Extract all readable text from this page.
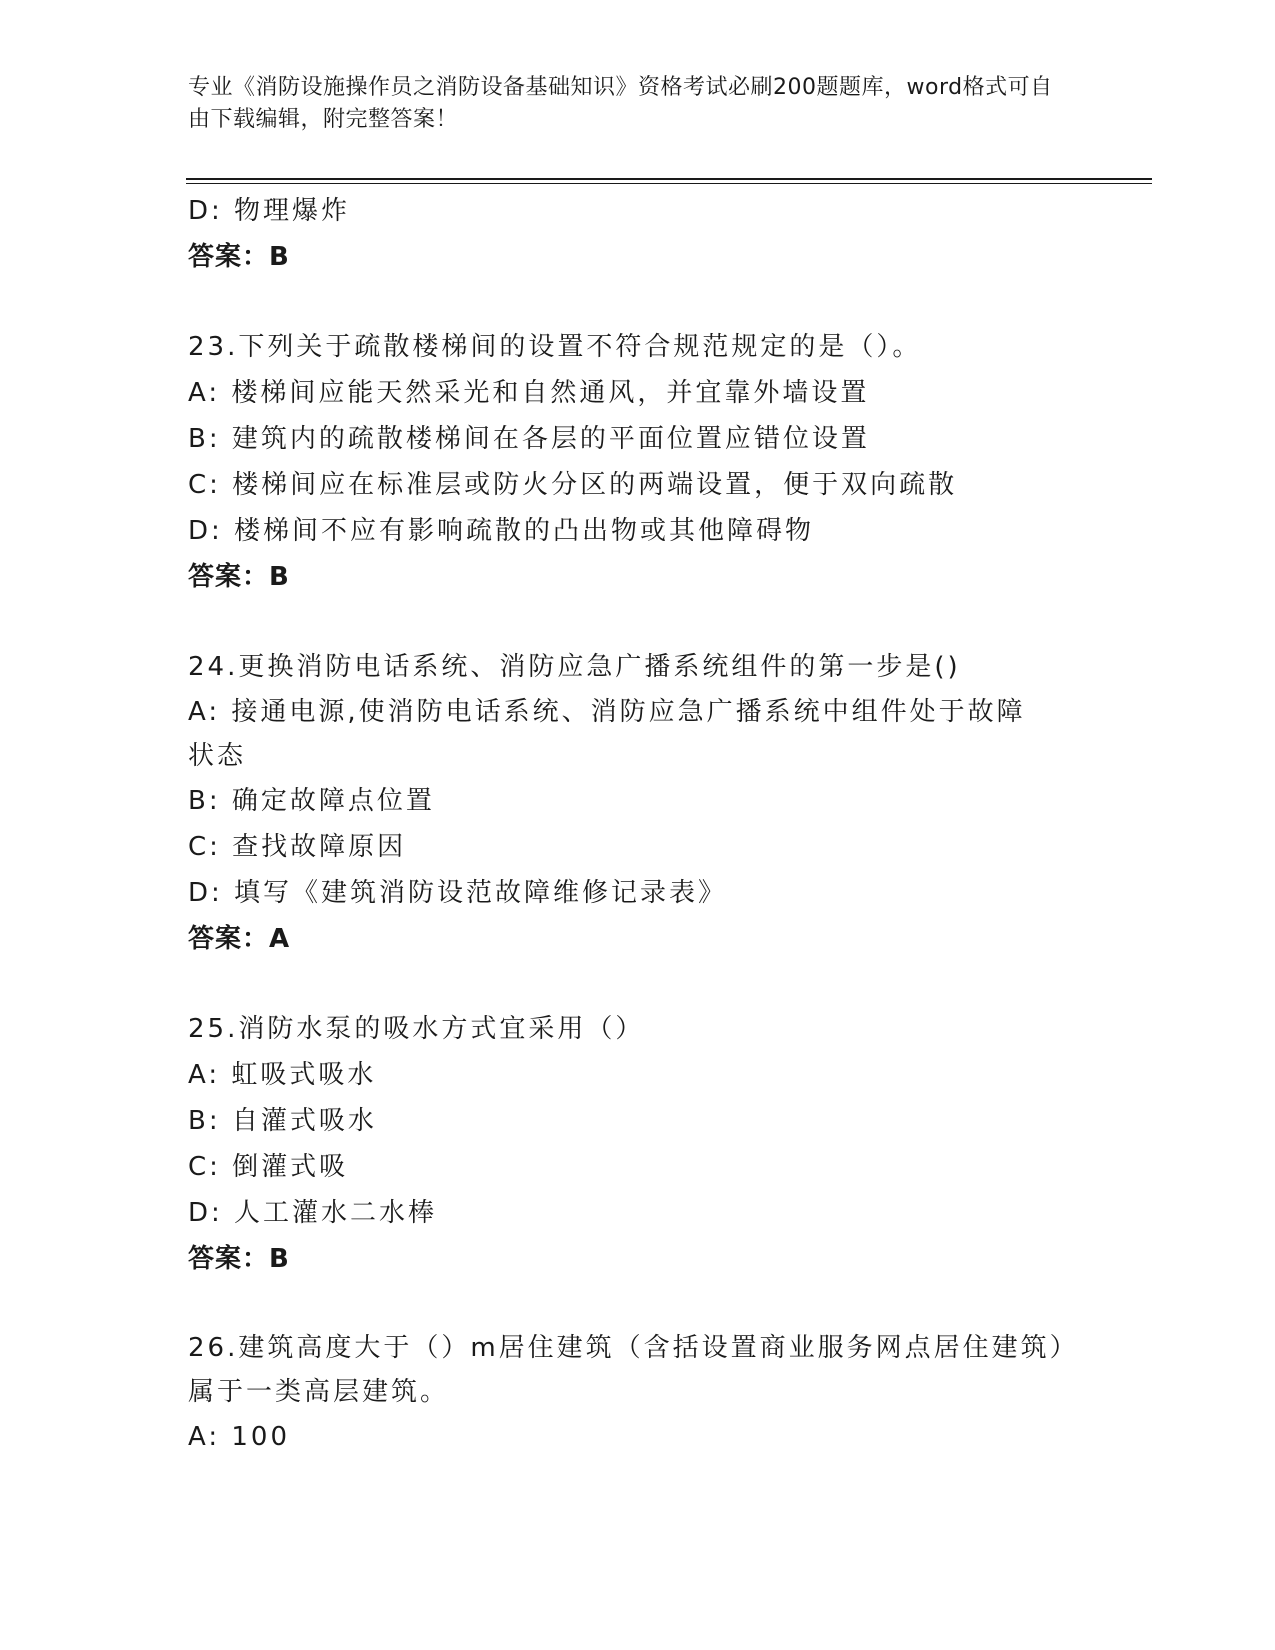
专业《消防设施操作员之消防设备基础知识》资格考试必刷200题题库，word格式可自由下载编辑，附完整答案！
D: 物理爆炸
答案：B
23.下列关于疏散楼梯间的设置不符合规范规定的是（）。
A: 楼梯间应能天然采光和自然通风，并宜靠外墙设置
B: 建筑内的疏散楼梯间在各层的平面位置应错位设置
C: 楼梯间应在标准层或防火分区的两端设置，便于双向疏散
D: 楼梯间不应有影响疏散的凸出物或其他障碍物
答案：B
24.更换消防电话系统、消防应急广播系统组件的第一步是()
A: 接通电源,使消防电话系统、消防应急广播系统中组件处于故障状态
B: 确定故障点位置
C: 查找故障原因
D: 填写《建筑消防设范故障维修记录表》
答案：A
25.消防水泵的吸水方式宜采用（）
A: 虹吸式吸水
B: 自灌式吸水
C: 倒灌式吸
D: 人工灌水二水棒
答案：B
26.建筑高度大于（）m居住建筑（含括设置商业服务网点居住建筑）属于一类高层建筑。
A: 100
